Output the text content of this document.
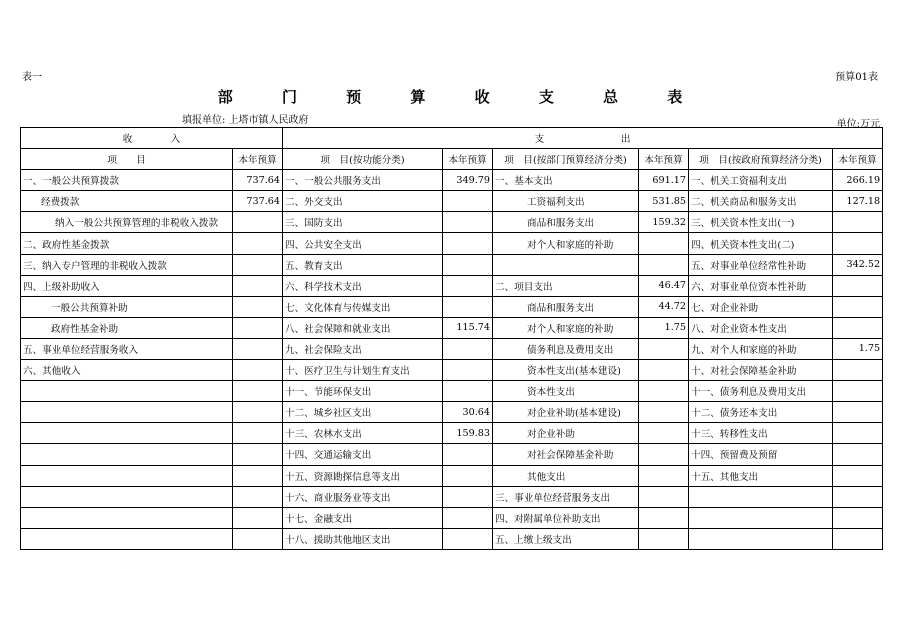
表一	预算01表
部 门 预 算 收 支 总 表
填报单位: 上塔市镇人民政府	单位:万元
收　　　　入		支　　　　　　　　出					
项　　目	本年预算	项　目(按功能分类)	本年预算	项　目(按部门预算经济分类)	本年预算	项　目(按政府预算经济分类)	本年预算
一、一般公共预算拨款	737.64	一、一般公共服务支出	349.79	一、基本支出	691.17	一、机关工资福利支出	266.19
经费拨款	737.64	二、外交支出		工资福利支出	531.85	二、机关商品和服务支出	127.18
纳入一般公共预算管理的非税收入拨款		三、国防支出		商品和服务支出	159.32	三、机关资本性支出(一)	
二、政府性基金拨款		四、公共安全支出		对个人和家庭的补助		四、机关资本性支出(二)	
三、纳入专户管理的非税收入拨款		五、教育支出				五、对事业单位经常性补助	342.52
四、上级补助收入		六、科学技术支出		二、项目支出	46.47	六、对事业单位资本性补助	
一般公共预算补助		七、文化体育与传媒支出		商品和服务支出	44.72	七、对企业补助	
政府性基金补助		八、社会保障和就业支出	115.74	对个人和家庭的补助	1.75	八、对企业资本性支出	
五、事业单位经营服务收入		九、社会保险支出		债务利息及费用支出		九、对个人和家庭的补助	1.75
六、其他收入		十、医疗卫生与计划生育支出		资本性支出(基本建设)		十、对社会保障基金补助	
		十一、节能环保支出		资本性支出		十一、债务利息及费用支出	
		十二、城乡社区支出	30.64	对企业补助(基本建设)		十二、债务还本支出	
		十三、农林水支出	159.83	对企业补助		十三、转移性支出	
		十四、交通运输支出		对社会保障基金补助		十四、预留费及预留	
		十五、资源勘探信息等支出		其他支出		十五、其他支出	
		十六、商业服务业等支出		三、事业单位经营服务支出			
		十七、金融支出		四、对附属单位补助支出			
		十八、援助其他地区支出		五、上缴上级支出			
